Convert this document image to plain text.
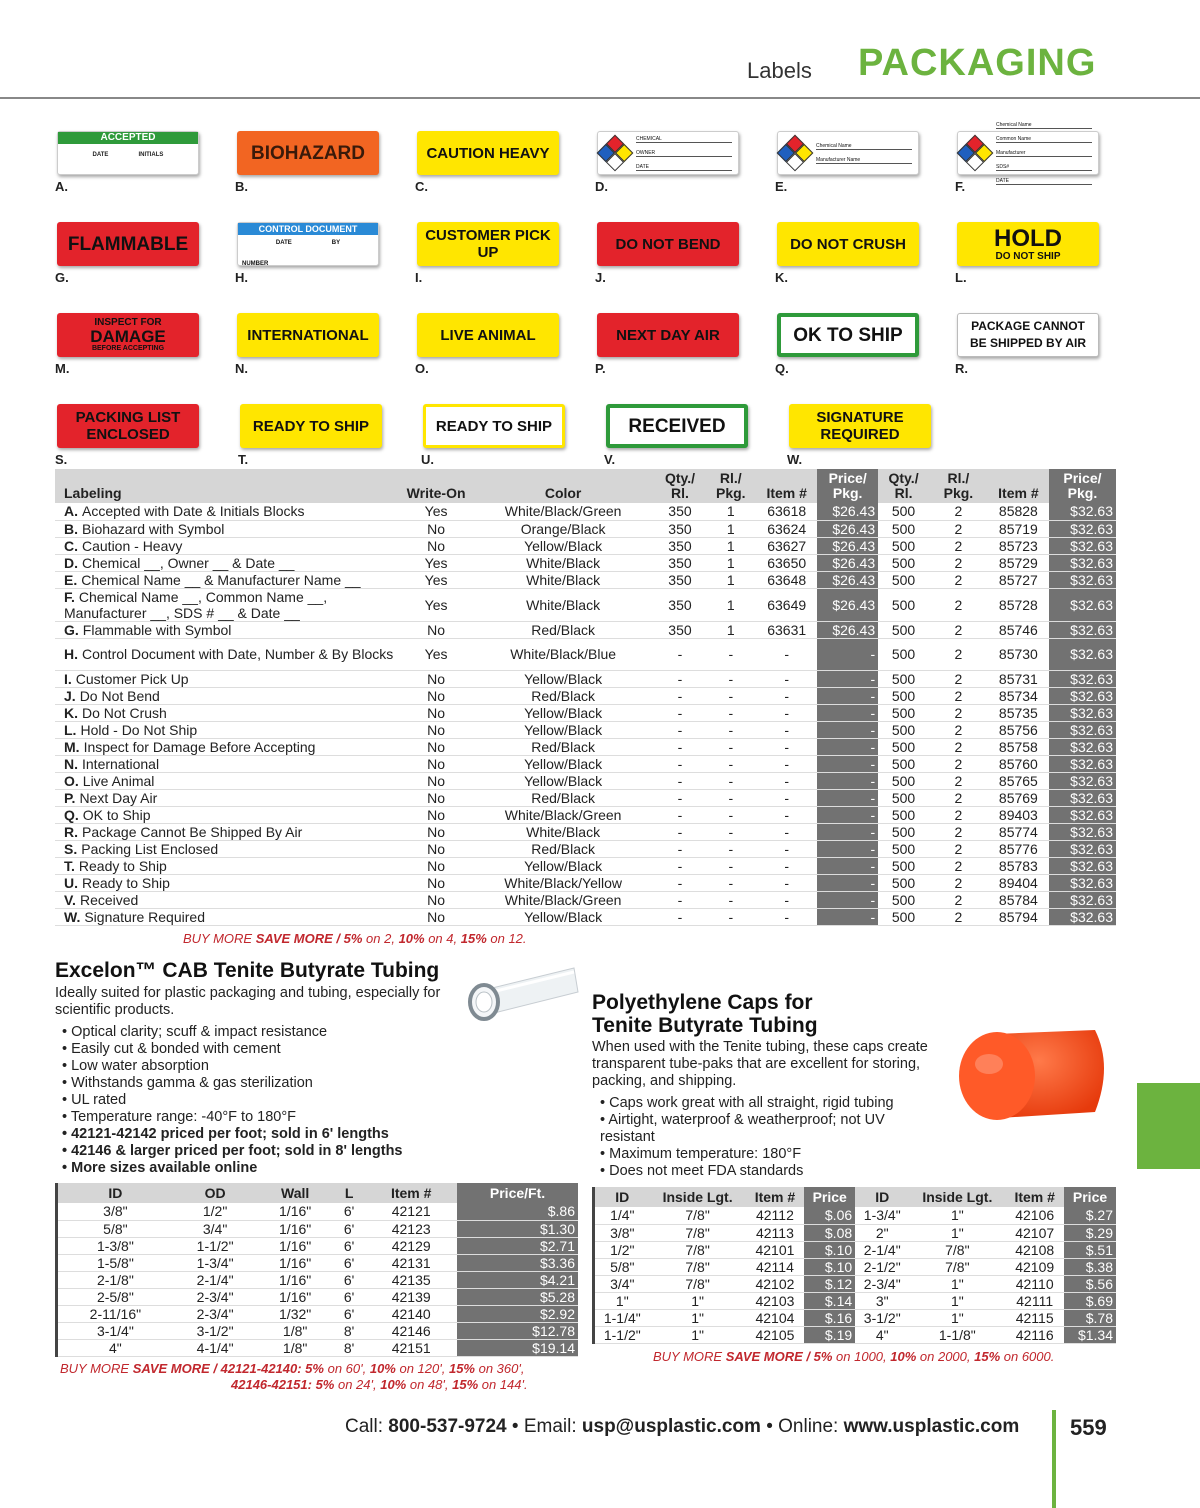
Labels PACKAGING
ACCEPTED
DATE	INITIALS
A.
BIOHAZARD
B.
CAUTION HEAVY
C.
CHEMICAL
OWNER
DATE
D.
Chemical Name
Manufacturer Name
E.
Chemical Name
Common Name
Manufacturer
SDS#
DATE
F.
FLAMMABLE
G.
CONTROL DOCUMENT
DATE	BY
NUMBER
H.
CUSTOMER PICK UP
I.
DO NOT BEND
J.
DO NOT CRUSH
K.
HOLD
DO NOT SHIP
L.
INSPECT FOR
DAMAGE
BEFORE ACCEPTING
M.
INTERNATIONAL
N.
LIVE ANIMAL
O.
NEXT DAY AIR
P.
OK TO SHIP
Q.
PACKAGE CANNOT BE SHIPPED BY AIR
R.
PACKING LIST ENCLOSED
S.
READY TO SHIP
T.
READY TO SHIP
U.
RECEIVED
V.
SIGNATURE REQUIRED
W.
Labeling	Write-On	Color	Qty./ Rl.	Rl./ Pkg.	Item #	Price/ Pkg.	Qty./ Rl.	Rl./ Pkg.	Item #	Price/ Pkg.
A. Accepted with Date & Initials Blocks	Yes	White/Black/Green	350	1	63618	$26.43	500	2	85828	$32.63
B. Biohazard with Symbol	No	Orange/Black	350	1	63624	$26.43	500	2	85719	$32.63
C. Caution - Heavy	No	Yellow/Black	350	1	63627	$26.43	500	2	85723	$32.63
D. Chemical __, Owner __ & Date __	Yes	White/Black	350	1	63650	$26.43	500	2	85729	$32.63
E. Chemical Name __ & Manufacturer Name __	Yes	White/Black	350	1	63648	$26.43	500	2	85727	$32.63
F. Chemical Name __, Common Name __, Manufacturer __, SDS # __ & Date __	Yes	White/Black	350	1	63649	$26.43	500	2	85728	$32.63
G. Flammable with Symbol	No	Red/Black	350	1	63631	$26.43	500	2	85746	$32.63
H. Control Document with Date, Number & By Blocks	Yes	White/Black/Blue	-	-	-	-	500	2	85730	$32.63
I. Customer Pick Up	No	Yellow/Black	-	-	-	-	500	2	85731	$32.63
J. Do Not Bend	No	Red/Black	-	-	-	-	500	2	85734	$32.63
K. Do Not Crush	No	Yellow/Black	-	-	-	-	500	2	85735	$32.63
L. Hold - Do Not Ship	No	Yellow/Black	-	-	-	-	500	2	85756	$32.63
M. Inspect for Damage Before Accepting	No	Red/Black	-	-	-	-	500	2	85758	$32.63
N. International	No	Yellow/Black	-	-	-	-	500	2	85760	$32.63
O. Live Animal	No	Yellow/Black	-	-	-	-	500	2	85765	$32.63
P. Next Day Air	No	Red/Black	-	-	-	-	500	2	85769	$32.63
Q. OK to Ship	No	White/Black/Green	-	-	-	-	500	2	89403	$32.63
R. Package Cannot Be Shipped By Air	No	White/Black	-	-	-	-	500	2	85774	$32.63
S. Packing List Enclosed	No	Red/Black	-	-	-	-	500	2	85776	$32.63
T. Ready to Ship	No	Yellow/Black	-	-	-	-	500	2	85783	$32.63
U. Ready to Ship	No	White/Black/Yellow	-	-	-	-	500	2	89404	$32.63
V. Received	No	White/Black/Green	-	-	-	-	500	2	85784	$32.63
W. Signature Required	No	Yellow/Black	-	-	-	-	500	2	85794	$32.63
BUY MORE SAVE MORE / 5% on 2, 10% on 4, 15% on 12.
Excelon™ CAB Tenite Butyrate Tubing
Ideally suited for plastic packaging and tubing, especially for scientific products.
• Optical clarity; scuff & impact resistance
• Easily cut & bonded with cement
• Low water absorption
• Withstands gamma & gas sterilization
• UL rated
• Temperature range: -40°F to 180°F
• 42121-42142 priced per foot; sold in 6' lengths
• 42146 & larger priced per foot; sold in 8' lengths
• More sizes available online
ID	OD	Wall	L	Item #	Price/Ft.
3/8"	1/2"	1/16"	6'	42121	$.86
5/8"	3/4"	1/16"	6'	42123	$1.30
1-3/8"	1-1/2"	1/16"	6'	42129	$2.71
1-5/8"	1-3/4"	1/16"	6'	42131	$3.36
2-1/8"	2-1/4"	1/16"	6'	42135	$4.21
2-5/8"	2-3/4"	1/16"	6'	42139	$5.28
2-11/16"	2-3/4"	1/32"	6'	42140	$2.92
3-1/4"	3-1/2"	1/8"	8'	42146	$12.78
4"	4-1/4"	1/8"	8'	42151	$19.14
BUY MORE SAVE MORE / 42121-42140: 5% on 60', 10% on 120', 15% on 360',
42146-42151: 5% on 24', 10% on 48', 15% on 144'.
Polyethylene Caps for
Tenite Butyrate Tubing
When used with the Tenite tubing, these caps create transparent tube-paks that are excellent for storing, packing, and shipping.
• Caps work great with all straight, rigid tubing
• Airtight, waterproof & weatherproof; not UV resistant
• Maximum temperature: 180°F
• Does not meet FDA standards
ID	Inside Lgt.	Item #	Price	ID	Inside Lgt.	Item #	Price
1/4"	7/8"	42112	$.06	1-3/4"	1"	42106	$.27
3/8"	7/8"	42113	$.08	2"	1"	42107	$.29
1/2"	7/8"	42101	$.10	2-1/4"	7/8"	42108	$.51
5/8"	7/8"	42114	$.10	2-1/2"	7/8"	42109	$.38
3/4"	7/8"	42102	$.12	2-3/4"	1"	42110	$.56
1"	1"	42103	$.14	3"	1"	42111	$.69
1-1/4"	1"	42104	$.16	3-1/2"	1"	42115	$.78
1-1/2"	1"	42105	$.19	4"	1-1/8"	42116	$1.34
BUY MORE SAVE MORE / 5% on 1000, 10% on 2000, 15% on 6000.
Call: 800-537-9724 • Email: usp@usplastic.com • Online: www.usplastic.com 559
